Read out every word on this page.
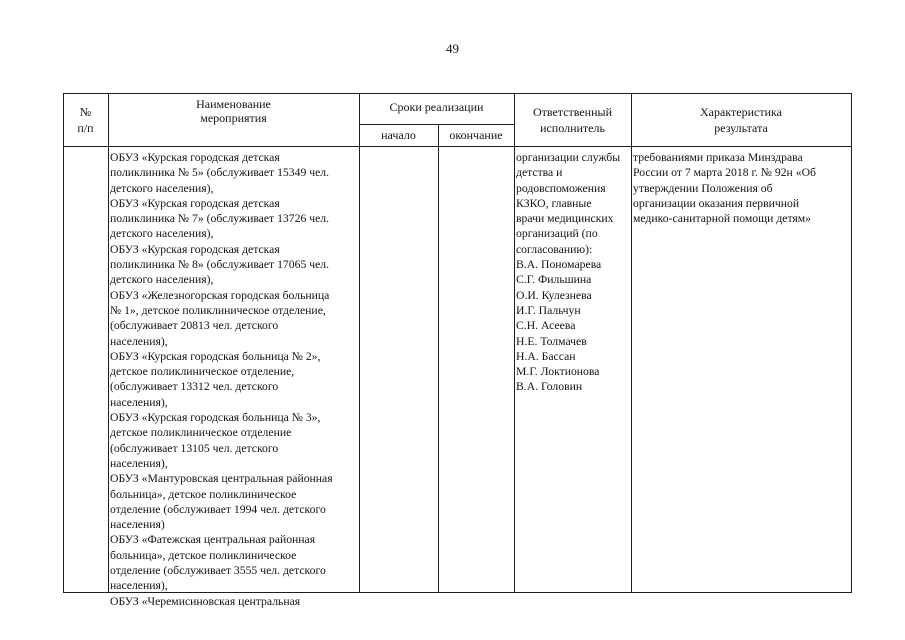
49
№
п/п
Наименование
мероприятия
Сроки реализации
начало	окончание
Ответственный
исполнитель
Характеристика
результата
ОБУЗ «Курская городская детская
поликлиника № 5» (обслуживает 15349 чел.
детского населения),
ОБУЗ «Курская городская детская
поликлиника № 7» (обслуживает 13726 чел.
детского населения),
ОБУЗ «Курская городская детская
поликлиника № 8» (обслуживает 17065 чел.
детского населения),
ОБУЗ «Железногорская городская больница
№ 1», детское поликлиническое отделение,
(обслуживает 20813 чел. детского
населения),
ОБУЗ «Курская городская больница № 2»,
детское поликлиническое отделение,
(обслуживает 13312 чел. детского
населения),
ОБУЗ «Курская городская больница № 3»,
детское поликлиническое отделение
(обслуживает 13105 чел. детского
населения),
ОБУЗ «Мантуровская центральная районная
больница», детское поликлиническое
отделение (обслуживает 1994 чел. детского
населения)
ОБУЗ «Фатежская центральная районная
больница», детское поликлиническое
отделение (обслуживает 3555 чел. детского
населения),
ОБУЗ «Черемисиновская центральная
организации службы
детства и
родовспоможения
КЗКО, главные
врачи медицинских
организаций (по
согласованию):
В.А. Пономарева
С.Г. Фильшина
О.И. Кулезнева
И.Г. Пальчун
С.Н. Асеева
Н.Е. Толмачев
Н.А. Бассан
М.Г. Локтионова
В.А. Головин
требованиями приказа Минздрава
России от 7 марта 2018 г. № 92н «Об
утверждении Положения об
организации оказания первичной
медико-санитарной помощи детям»
